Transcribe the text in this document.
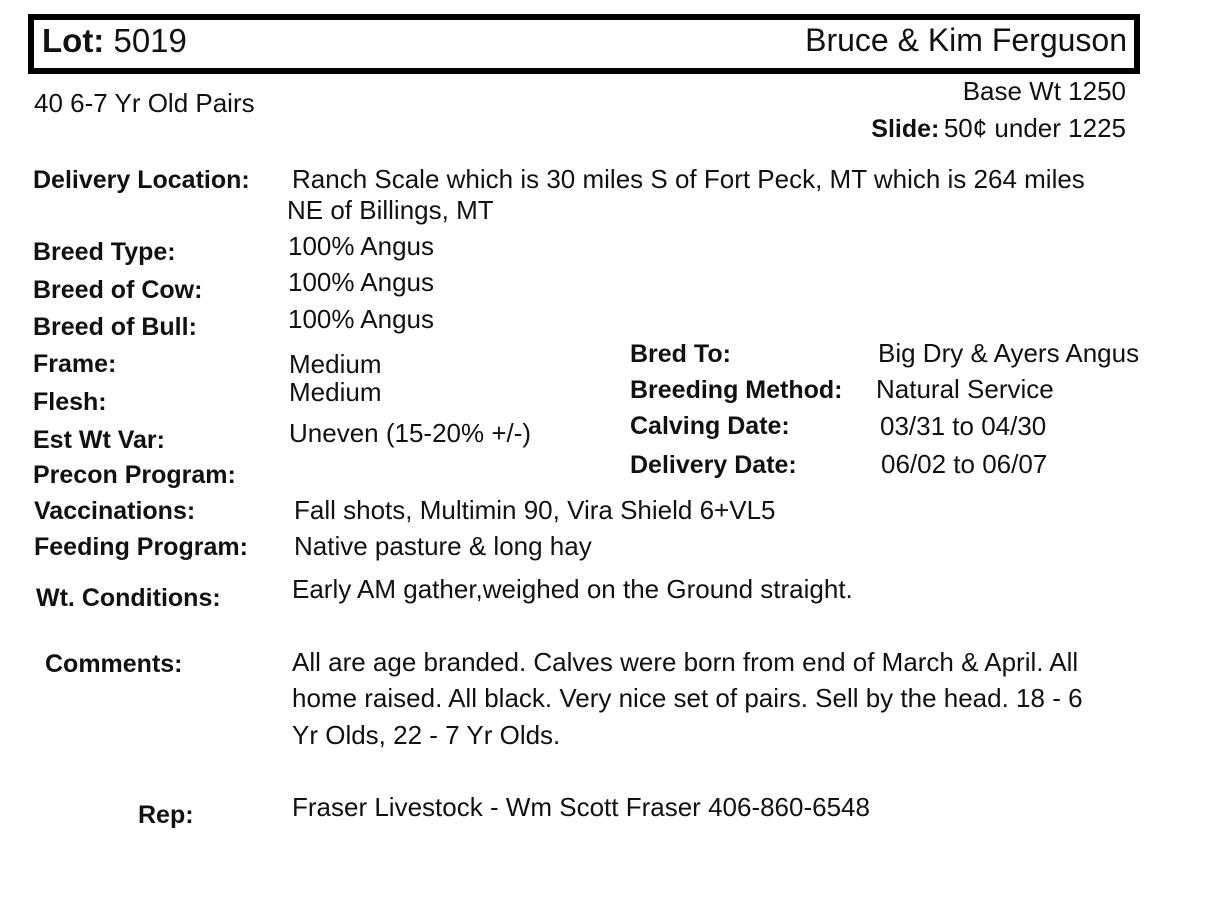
Lot: 5019	Bruce & Kim Ferguson
40 6-7 Yr Old Pairs	Base Wt 1250
Slide: 50¢ under 1225
Delivery Location: Ranch Scale which is 30 miles S of Fort Peck, MT which is 264 miles
NE of Billings, MT
Breed Type:	100% Angus
Breed of Cow:	100% Angus
Breed of Bull:	100% Angus
Frame:	Medium
Flesh:	Medium
Est Wt Var:	Uneven (15-20% +/-)
Precon Program:
Bred To:	Big Dry & Ayers Angus
Breeding Method: Natural Service
Calving Date:	03/31 to 04/30
Delivery Date:	06/02 to 06/07
Vaccinations:	Fall shots, Multimin 90, Vira Shield 6+VL5
Feeding Program: Native pasture & long hay
Wt. Conditions:	Early AM gather,weighed on the Ground straight.
Comments:	All are age branded. Calves were born from end of March & April. All
home raised. All black. Very nice set of pairs. Sell by the head. 18 - 6
Yr Olds, 22 - 7 Yr Olds.
Rep:	Fraser Livestock - Wm Scott Fraser 406-860-6548
